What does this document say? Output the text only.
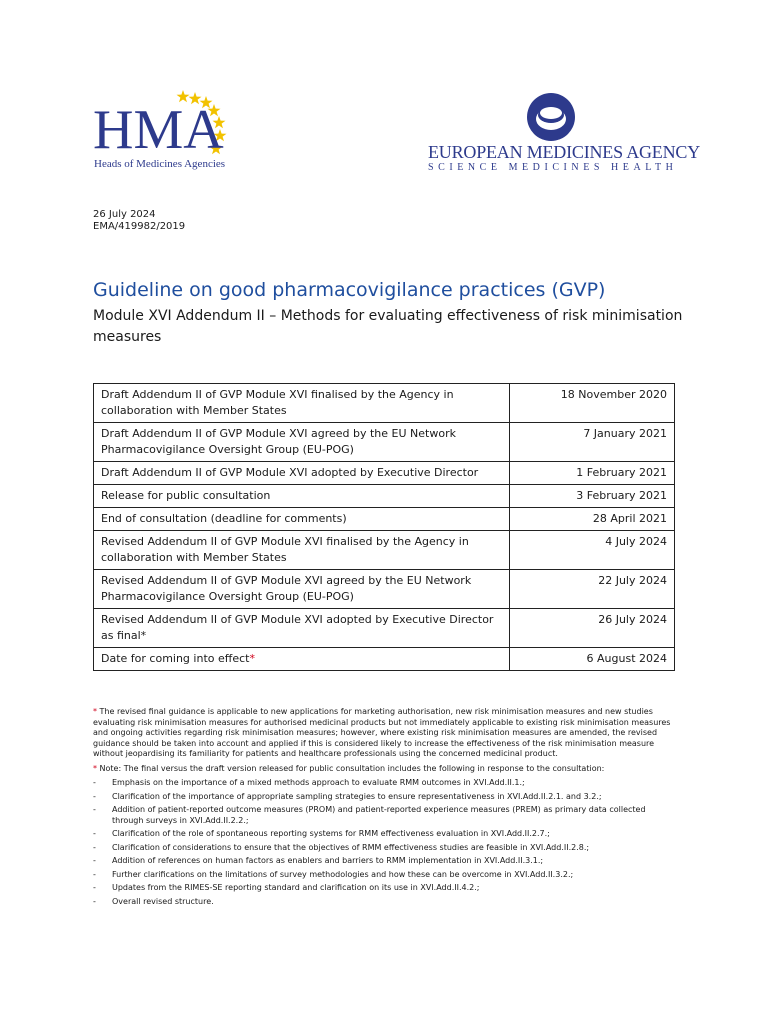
HMA

Heads of Medicines Agencies

EUROPEAN MEDICINES AGENCY

SCIENCE MEDICINES HEALTH

26 July 2024
EMA/419982/2019
Guideline on good pharmacovigilance practices (GVP)
Module XVI Addendum II – Methods for evaluating effectiveness of risk minimisation measures
Draft Addendum II of GVP Module XVI finalised by the Agency in collaboration with Member States	18 November 2020
Draft Addendum II of GVP Module XVI agreed by the EU Network Pharmacovigilance Oversight Group (EU-POG)	7 January 2021
Draft Addendum II of GVP Module XVI adopted by Executive Director	1 February 2021
Release for public consultation	3 February 2021
End of consultation (deadline for comments)	28 April 2021
Revised Addendum II of GVP Module XVI finalised by the Agency in collaboration with Member States	4 July 2024
Revised Addendum II of GVP Module XVI agreed by the EU Network Pharmacovigilance Oversight Group (EU-POG)	22 July 2024
Revised Addendum II of GVP Module XVI adopted by Executive Director as final*	26 July 2024
Date for coming into effect*	6 August 2024

* The revised final guidance is applicable to new applications for marketing authorisation, new risk minimisation measures and new studies evaluating risk minimisation measures for authorised medicinal products but not immediately applicable to existing risk minimisation measures and ongoing activities regarding risk minimisation measures; however, where existing risk minimisation measures are amended, the revised guidance should be taken into account and applied if this is considered likely to increase the effectiveness of the risk minimisation measure without jeopardising its familiarity for patients and healthcare professionals using the concerned medicinal product.

* Note: The final versus the draft version released for public consultation includes the following in response to the consultation:

- Emphasis on the importance of a mixed methods approach to evaluate RMM outcomes in XVI.Add.II.1.;
- Clarification of the importance of appropriate sampling strategies to ensure representativeness in XVI.Add.II.2.1. and 3.2.;
- Addition of patient-reported outcome measures (PROM) and patient-reported experience measures (PREM) as primary data collected through surveys in XVI.Add.II.2.2.;
- Clarification of the role of spontaneous reporting systems for RMM effectiveness evaluation in XVI.Add.II.2.7.;
- Clarification of considerations to ensure that the objectives of RMM effectiveness studies are feasible in XVI.Add.II.2.8.;
- Addition of references on human factors as enablers and barriers to RMM implementation in XVI.Add.II.3.1.;
- Further clarifications on the limitations of survey methodologies and how these can be overcome in XVI.Add.II.3.2.;
- Updates from the RIMES-SE reporting standard and clarification on its use in XVI.Add.II.4.2.;
- Overall revised structure.
